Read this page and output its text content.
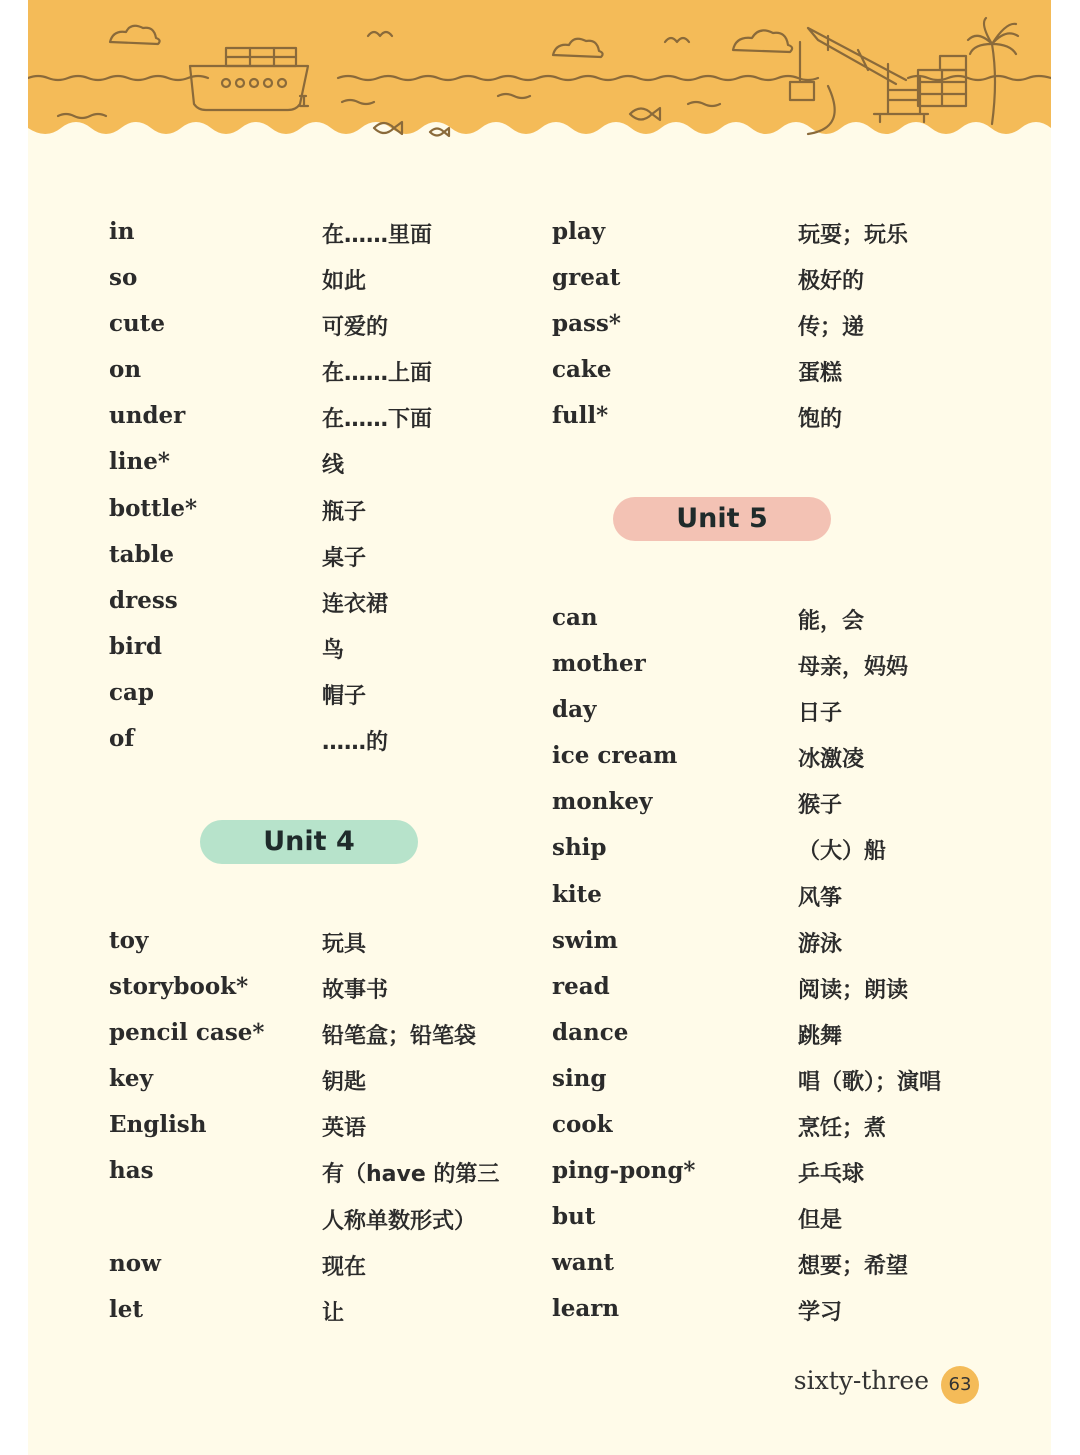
in	在……里面
so	如此
cute	可爱的
on	在……上面
under	在……下面
line*	线
bottle*	瓶子
table	桌子
dress	连衣裙
bird	鸟
cap	帽子
of	……的
Unit 4
toy	玩具
storybook*	故事书
pencil case*	铅笔盒；铅笔袋
key	钥匙
English	英语
has	有（have 的第三
人称单数形式）
now	现在
let	让
play	玩耍；玩乐
great	极好的
pass*	传；递
cake	蛋糕
full*	饱的
Unit 5
can	能，会
mother	母亲，妈妈
day	日子
ice cream	冰激凌
monkey	猴子
ship	（大）船
kite	风筝
swim	游泳
read	阅读；朗读
dance	跳舞
sing	唱（歌）；演唱
cook	烹饪；煮
ping-pong*	乒乓球
but	但是
want	想要；希望
learn	学习
sixty-three	63
